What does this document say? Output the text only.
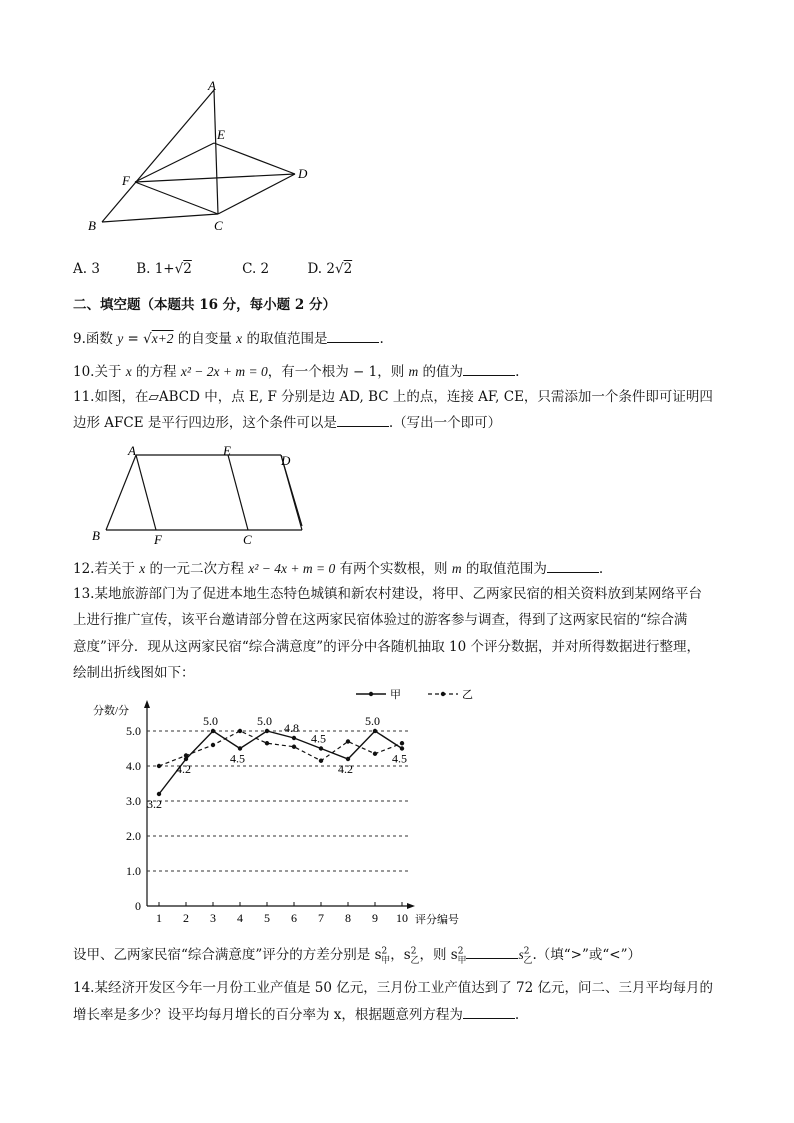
A
E
F	D
B	C
A. 3	B. 1+√2	C. 2	D. 2√2
二、填空题（本题共 16 分，每小题 2 分）
9.函数 y = √x+2 的自变量 x 的取值范围是	.
10.关于 x 的方程 x² − 2x + m = 0，有一个根为 − 1，则 m 的值为	.
11.如图，在▱ABCD 中，点 E, F 分别是边 AD, BC 上的点，连接 AF, CE，只需添加一个条件即可证明四
边形 AFCE 是平行四边形，这个条件可以是	.（写出一个即可）
A	E
D
B	F	C
12.若关于 x 的一元二次方程 x² − 4x + m = 0 有两个实数根，则 m 的取值范围为	.
13.某地旅游部门为了促进本地生态特色城镇和新农村建设，将甲、乙两家民宿的相关资料放到某网络平台
上进行推广宣传，该平台邀请部分曾在这两家民宿体验过的游客参与调查，得到了这两家民宿的“综合满
意度”评分．现从这两家民宿“综合满意度”的评分中各随机抽取 10 个评分数据，并对所得数据进行整理，
绘制出折线图如下：
0
1.0
2.0
3.0
4.0
5.0
1 2 3 4 5 6 7 8 9 10
分数/分
评分编号
3.2
4.2
5.0
4.5
5.0 4.8
4.5
4.2
5.0
4.5
甲	乙
设甲、乙两家民宿“综合满意度”评分的方差分别是 $s^2_甲$，$s^2_乙$，则 $s^2_甲$	$s^2_乙$.（填“>”或“<”）
14.某经济开发区今年一月份工业产值是 50 亿元，三月份工业产值达到了 72 亿元，问二、三月平均每月的
增长率是多少？设平均每月增长的百分率为 x，根据题意列方程为	.
